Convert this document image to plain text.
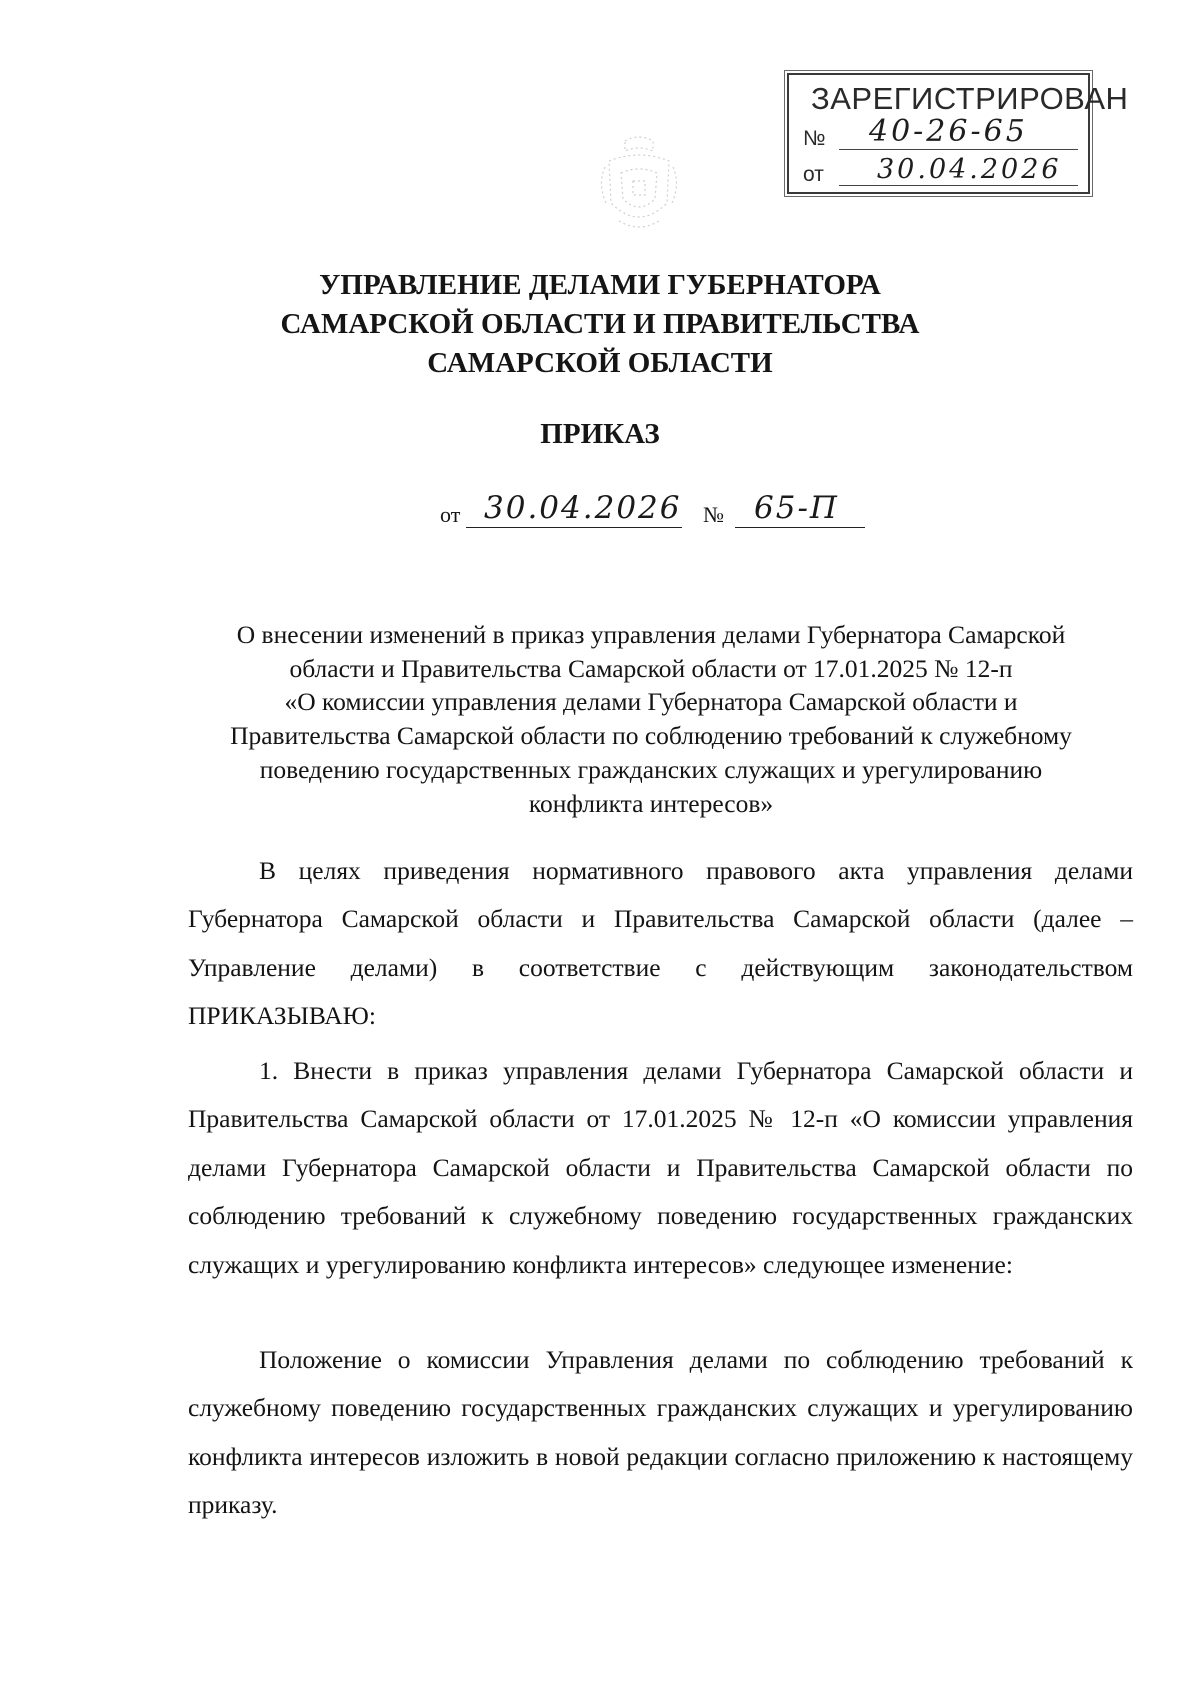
ЗАРЕГИСТРИРОВАН
№ 40-26-65
от 30.04.2026
УПРАВЛЕНИЕ ДЕЛАМИ ГУБЕРНАТОРА
САМАРСКОЙ ОБЛАСТИ И ПРАВИТЕЛЬСТВА
САМАРСКОЙ ОБЛАСТИ
ПРИКАЗ
от 30.04.2026 № 65-П
О внесении изменений в приказ управления делами Губернатора Самарской
области и Правительства Самарской области от 17.01.2025 № 12-п
«О комиссии управления делами Губернатора Самарской области и
Правительства Самарской области по соблюдению требований к служебному
поведению государственных гражданских служащих и урегулированию
конфликта интересов»
В целях приведения нормативного правового акта управления делами Губернатора Самарской области и Правительства Самарской области (далее – Управление делами) в соответствие с действующим законодательством ПРИКАЗЫВАЮ:
1. Внести в приказ управления делами Губернатора Самарской области и Правительства Самарской области от 17.01.2025 № 12-п «О комиссии управления делами Губернатора Самарской области и Правительства Самарской области по соблюдению требований к служебному поведению государственных гражданских служащих и урегулированию конфликта интересов» следующее изменение:
Положение о комиссии Управления делами по соблюдению требований к служебному поведению государственных гражданских служащих и урегулированию конфликта интересов изложить в новой редакции согласно приложению к настоящему приказу.
